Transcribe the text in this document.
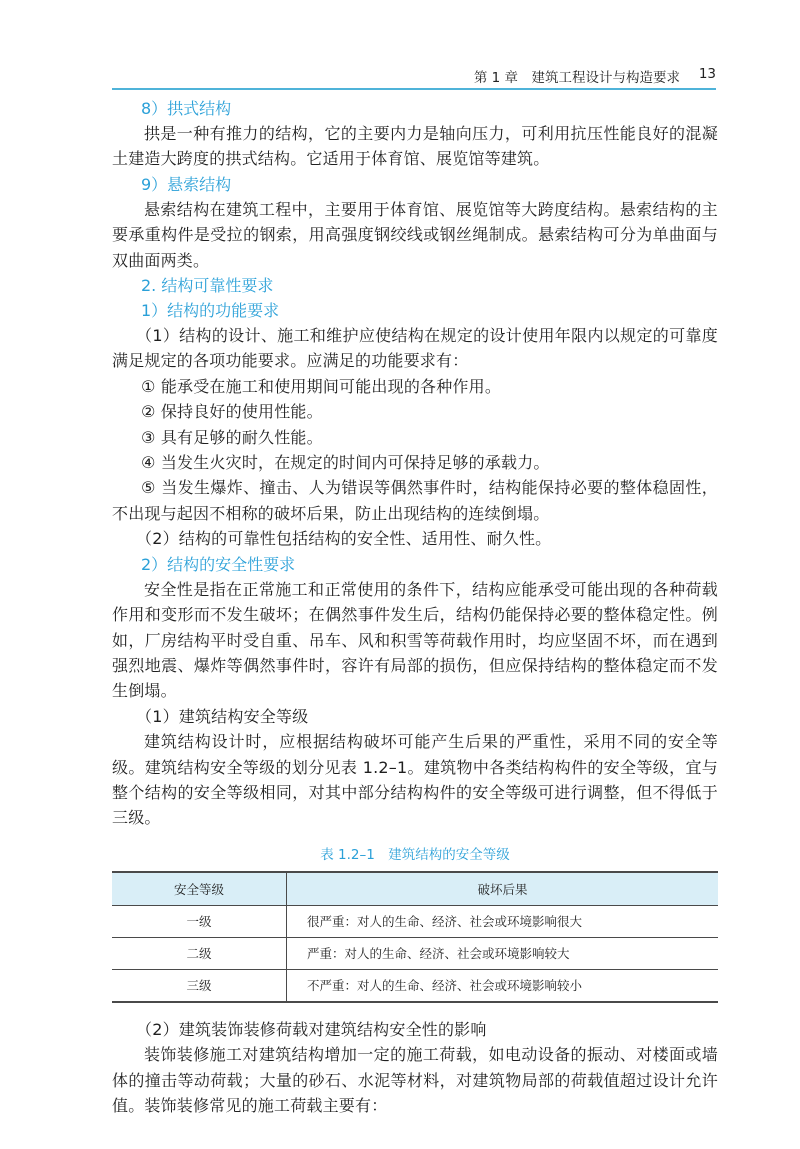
第 1 章　建筑工程设计与构造要求 13
8）拱式结构

拱是一种有推力的结构，它的主要内力是轴向压力，可利用抗压性能良好的混凝土建造大跨度的拱式结构。它适用于体育馆、展览馆等建筑。

9）悬索结构

悬索结构在建筑工程中，主要用于体育馆、展览馆等大跨度结构。悬索结构的主要承重构件是受拉的钢索，用高强度钢绞线或钢丝绳制成。悬索结构可分为单曲面与双曲面两类。

2. 结构可靠性要求
1）结构的功能要求

（1）结构的设计、施工和维护应使结构在规定的设计使用年限内以规定的可靠度满足规定的各项功能要求。应满足的功能要求有：

① 能承受在施工和使用期间可能出现的各种作用。

② 保持良好的使用性能。

③ 具有足够的耐久性能。

④ 当发生火灾时，在规定的时间内可保持足够的承载力。

⑤ 当发生爆炸、撞击、人为错误等偶然事件时，结构能保持必要的整体稳固性，不出现与起因不相称的破坏后果，防止出现结构的连续倒塌。

（2）结构的可靠性包括结构的安全性、适用性、耐久性。

2）结构的安全性要求

安全性是指在正常施工和正常使用的条件下，结构应能承受可能出现的各种荷载作用和变形而不发生破坏；在偶然事件发生后，结构仍能保持必要的整体稳定性。例如，厂房结构平时受自重、吊车、风和积雪等荷载作用时，均应坚固不坏，而在遇到强烈地震、爆炸等偶然事件时，容许有局部的损伤，但应保持结构的整体稳定而不发生倒塌。

（1）建筑结构安全等级

建筑结构设计时，应根据结构破坏可能产生后果的严重性，采用不同的安全等级。建筑结构安全等级的划分见表 1.2–1。建筑物中各类结构构件的安全等级，宜与整个结构的安全等级相同，对其中部分结构构件的安全等级可进行调整，但不得低于三级。

表 1.2–1　建筑结构的安全等级
安全等级	破坏后果
一级	很严重：对人的生命、经济、社会或环境影响很大
二级	严重：对人的生命、经济、社会或环境影响较大
三级	不严重：对人的生命、经济、社会或环境影响较小

（2）建筑装饰装修荷载对建筑结构安全性的影响

装饰装修施工对建筑结构增加一定的施工荷载，如电动设备的振动、对楼面或墙体的撞击等动荷载；大量的砂石、水泥等材料，对建筑物局部的荷载值超过设计允许值。装饰装修常见的施工荷载主要有：
